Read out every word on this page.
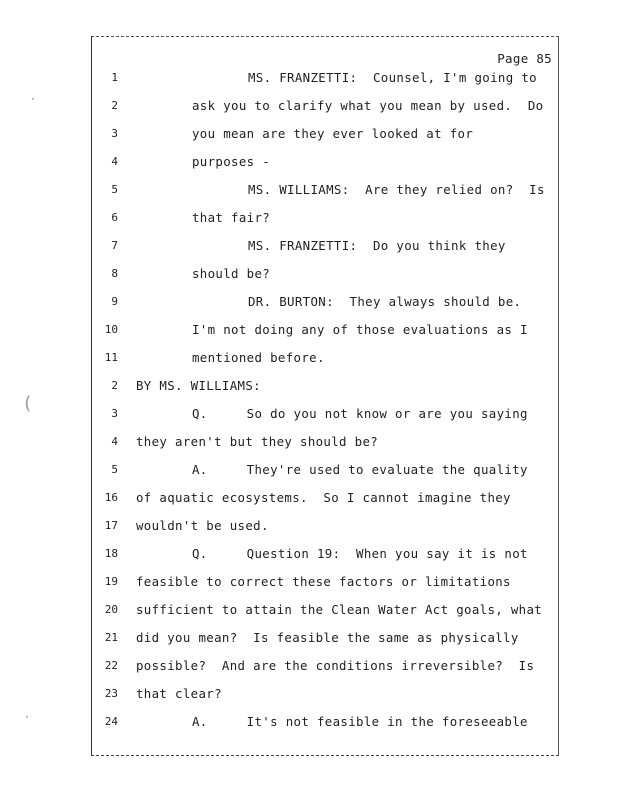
Page 85
1	MS. FRANZETTI:  Counsel, I'm going to
2	ask you to clarify what you mean by used.  Do
3	you mean are they ever looked at for
4	purposes -
5	MS. WILLIAMS:  Are they relied on?  Is
6	that fair?
7	MS. FRANZETTI:  Do you think they
8	should be?
9	DR. BURTON:  They always should be.
10	I'm not doing any of those evaluations as I
11	mentioned before.
2 BY MS. WILLIAMS:
3	Q.     So do you not know or are you saying
4 they aren't but they should be?
5	A.     They're used to evaluate the quality
16 of aquatic ecosystems.  So I cannot imagine they
17 wouldn't be used.
18	Q.     Question 19:  When you say it is not
19 feasible to correct these factors or limitations
20 sufficient to attain the Clean Water Act goals, what
21 did you mean?  Is feasible the same as physically
22 possible?  And are the conditions irreversible?  Is
23 that clear?
24	A.     It's not feasible in the foreseeable
·
(
·
